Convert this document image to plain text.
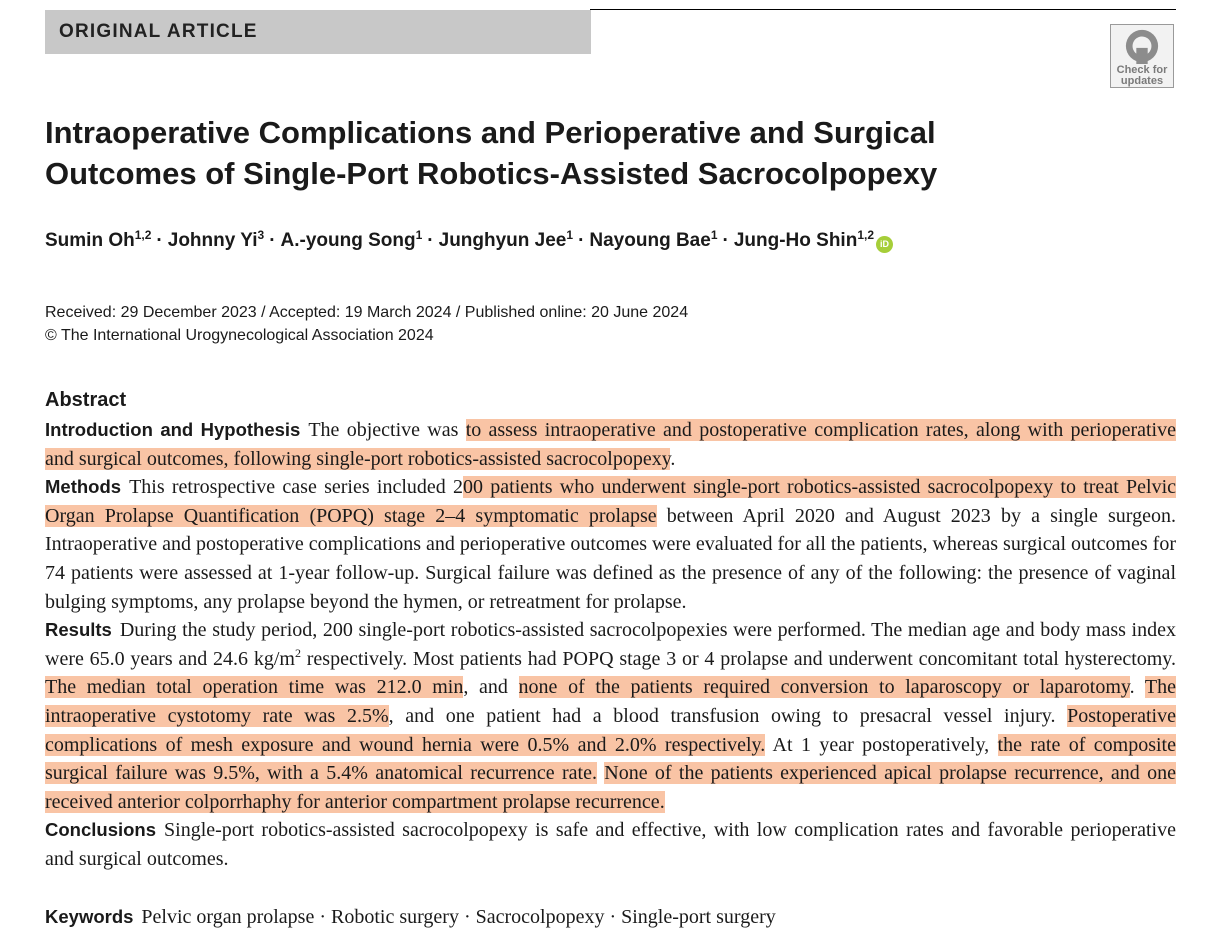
ORIGINAL ARTICLE
Check for
updates
Intraoperative Complications and Perioperative and Surgical
Outcomes of Single-Port Robotics-Assisted Sacrocolpopexy
Sumin Oh$^{1,2}$ · Johnny $Yi^3$ · A.-young Song$^1$ · Junghyun Jee$^1$ · Nayoung Bae$^1$ · Jung-Ho Shin$^{1,2}$
iD
Received: 29 December 2023 / Accepted: 19 March 2024 / Published online: 20 June 2024
© The International Urogynecological Association 2024
Abstract

Introduction and Hypothesis The objective was to assess intraoperative and postoperative complication rates, along with perioperative and surgical outcomes, following single-port robotics-assisted sacrocolpopexy.

Methods This retrospective case series included 200 patients who underwent single-port robotics-assisted sacrocolpopexy to treat Pelvic Organ Prolapse Quantification (POPQ) stage 2–4 symptomatic prolapse between April 2020 and August 2023 by a single surgeon. Intraoperative and postoperative complications and perioperative outcomes were evaluated for all the patients, whereas surgical outcomes for 74 patients were assessed at 1-year follow-up. Surgical failure was defined as the presence of any of the following: the presence of vaginal bulging symptoms, any prolapse beyond the hymen, or retreatment for prolapse.

Results During the study period, 200 single-port robotics-assisted sacrocolpopexies were performed. The median age and body mass index were 65.0 years and 24.6 $kg/m^2$ respectively. Most patients had POPQ stage 3 or 4 prolapse and underwent concomitant total hysterectomy. The median total operation time was 212.0 min, and none of the patients required conversion to laparoscopy or laparotomy. The intraoperative cystotomy rate was 2.5%, and one patient had a blood transfusion owing to presacral vessel injury. Postoperative complications of mesh exposure and wound hernia were 0.5% and 2.0% respectively. At 1 year postoperatively, the rate of composite surgical failure was 9.5%, with a 5.4% anatomical recurrence rate. None of the patients experienced apical prolapse recurrence, and one received anterior colporrhaphy for anterior compartment prolapse recurrence.

Conclusions Single-port robotics-assisted sacrocolpopexy is safe and effective, with low complication rates and favorable perioperative and surgical outcomes.

Keywords Pelvic organ prolapse · Robotic surgery · Sacrocolpopexy · Single-port surgery
